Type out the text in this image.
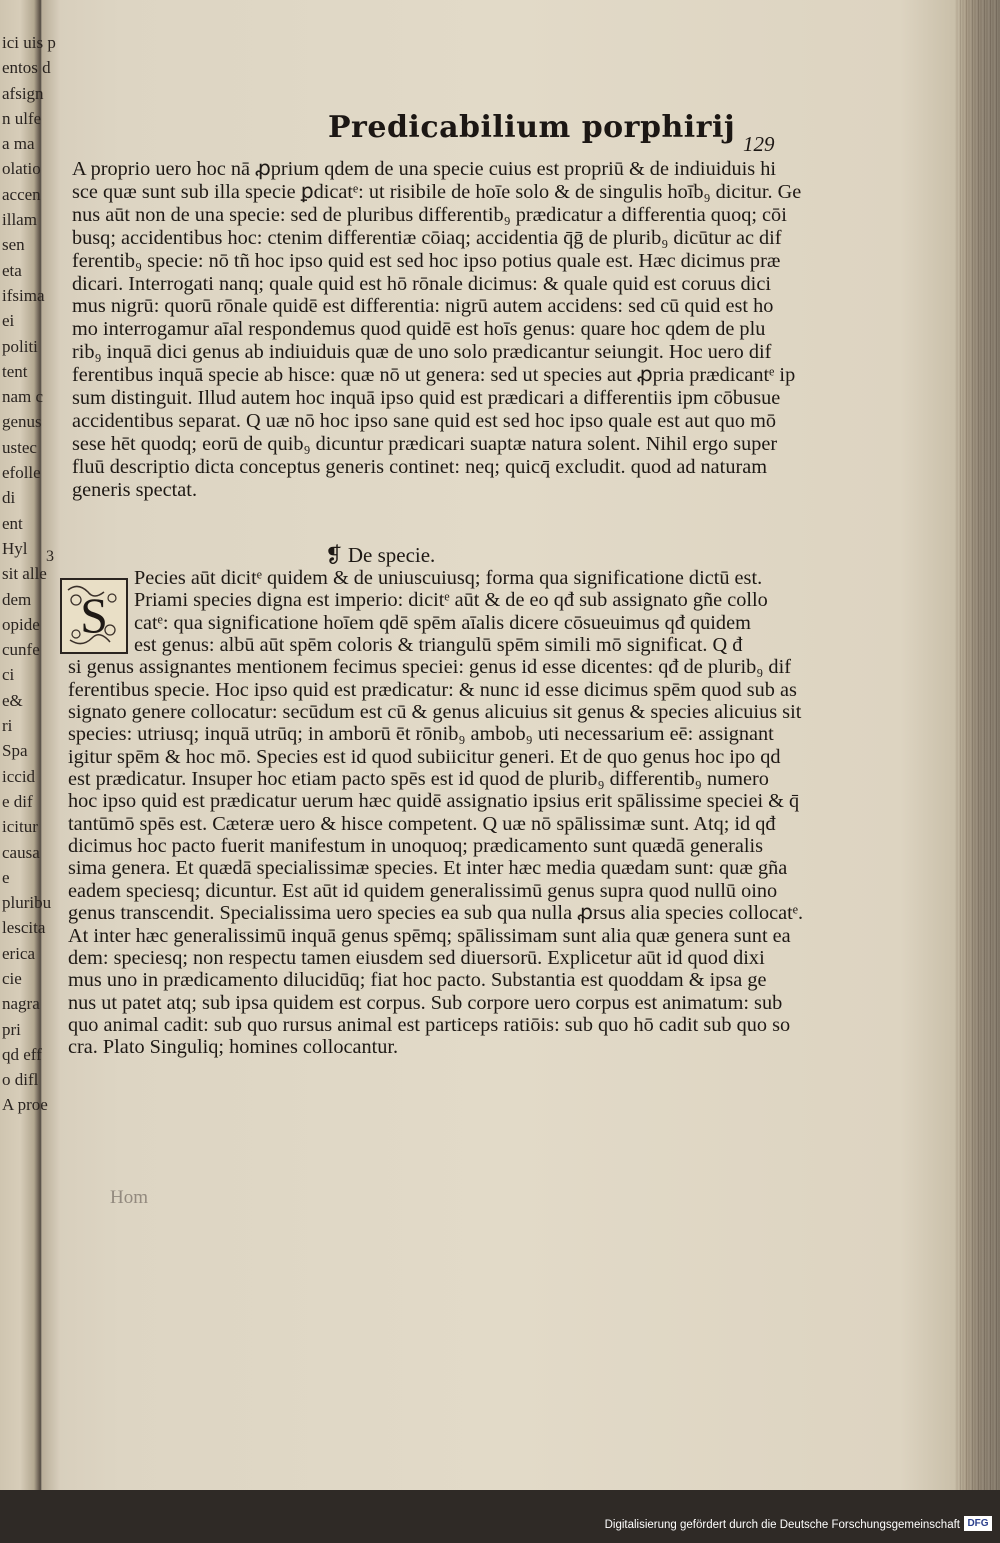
ici uis p
entos d
afsign
n ulfe
a ma
olatio
accen
illam
sen
eta
ifsima
ei
politi
tent
nam c
genus
ustec
efolle
di
ent
Hyl
sit alle
dem
opide
cunfe
ci
e&
ri
Spa
iccid
e dif
icitur
causa
e
pluribu
lescita
erica
cie
nagra
pri
qd eff
o difl
A proe
3
Predicabilium porphirij 129
A proprio uero hoc nā ꝓprium qdem de una specie cuius est propriū & de indiuiduis hi
sce quæ sunt sub illa specie ꝑdicatᵉ: ut risibile de hoīe solo & de singulis hoīb₉ dicitur. Ge
nus aūt non de una specie: sed de pluribus differentib₉ prædicatur a differentia quoq; cōi
busq; accidentibus hoc: ctenim differentiæ cōiaq; accidentia q̄ḡ de plurib₉ dicūtur ac dif
ferentib₉ specie: nō tñ hoc ipso quid est sed hoc ipso potius quale est. Hæc dicimus præ
dicari. Interrogati nanq; quale quid est hō rōnale dicimus: & quale quid est coruus dici
mus nigrū: quorū rōnale quidē est differentia: nigrū autem accidens: sed cū quid est ho
mo interrogamur aīal respondemus quod quidē est hoīs genus: quare hoc qdem de plu
rib₉ inquā dici genus ab indiuiduis quæ de uno solo prædicantur seiungit. Hoc uero dif
ferentibus inquā specie ab hisce: quæ nō ut genera: sed ut species aut ꝓpria prædicantᵉ ip
sum distinguit. Illud autem hoc inquā ipso quid est prædicari a differentiis ipm cōbusue
accidentibus separat. Q uæ nō hoc ipso sane quid est sed hoc ipso quale est aut quo mō
sese hēt quodq; eorū de quib₉ dicuntur prædicari suaptæ natura solent. Nihil ergo super
fluū descriptio dicta conceptus generis continet: neq; quicq̄ excludit. quod ad naturam
generis spectat.
❡ De specie.
S
Pecies aūt dicitᵉ quidem & de uniuscuiusq; forma qua significatione dictū est.
Priami species digna est imperio: dicitᵉ aūt & de eo qđ sub assignato gñe collo
catᵉ: qua significatione hoīem qdē spēm aīalis dicere cōsueuimus qđ quidem
est genus: albū aūt spēm coloris & triangulū spēm simili mō significat. Q đ
si genus assignantes mentionem fecimus speciei: genus id esse dicentes: qđ de plurib₉ dif
ferentibus specie. Hoc ipso quid est prædicatur: & nunc id esse dicimus spēm quod sub as
signato genere collocatur: secūdum est cū & genus alicuius sit genus & species alicuius sit
species: utriusq; inquā utrūq; in amborū ēt rōnib₉ ambob₉ uti necessarium eē: assignant
igitur spēm & hoc mō. Species est id quod subiicitur generi. Et de quo genus hoc ipo qd
est prædicatur. Insuper hoc etiam pacto spēs est id quod de plurib₉ differentib₉ numero
hoc ipso quid est prædicatur uerum hæc quidē assignatio ipsius erit spālissime speciei & q̄
tantūmō spēs est. Cæteræ uero & hisce competent. Q uæ nō spālissimæ sunt. Atq; id qđ
dicimus hoc pacto fuerit manifestum in unoquoq; prædicamento sunt quædā generalis
sima genera. Et quædā specialissimæ species. Et inter hæc media quædam sunt: quæ gña
eadem speciesq; dicuntur. Est aūt id quidem generalissimū genus supra quod nullū oino
genus transcendit. Specialissima uero species ea sub qua nulla ꝓrsus alia species collocatᵉ.
At inter hæc generalissimū inquā genus spēmq; spālissimam sunt alia quæ genera sunt ea
dem: speciesq; non respectu tamen eiusdem sed diuersorū. Explicetur aūt id quod dixi
mus uno in prædicamento dilucidūq; fiat hoc pacto. Substantia est quoddam & ipsa ge
nus ut patet atq; sub ipsa quidem est corpus. Sub corpore uero corpus est animatum: sub
quo animal cadit: sub quo rursus animal est particeps ratiōis: sub quo hō cadit sub quo so
cra. Plato Singuliq; homines collocantur.
Hom
Digitalisierung gefördert durch die Deutsche Forschungsgemeinschaft DFG
